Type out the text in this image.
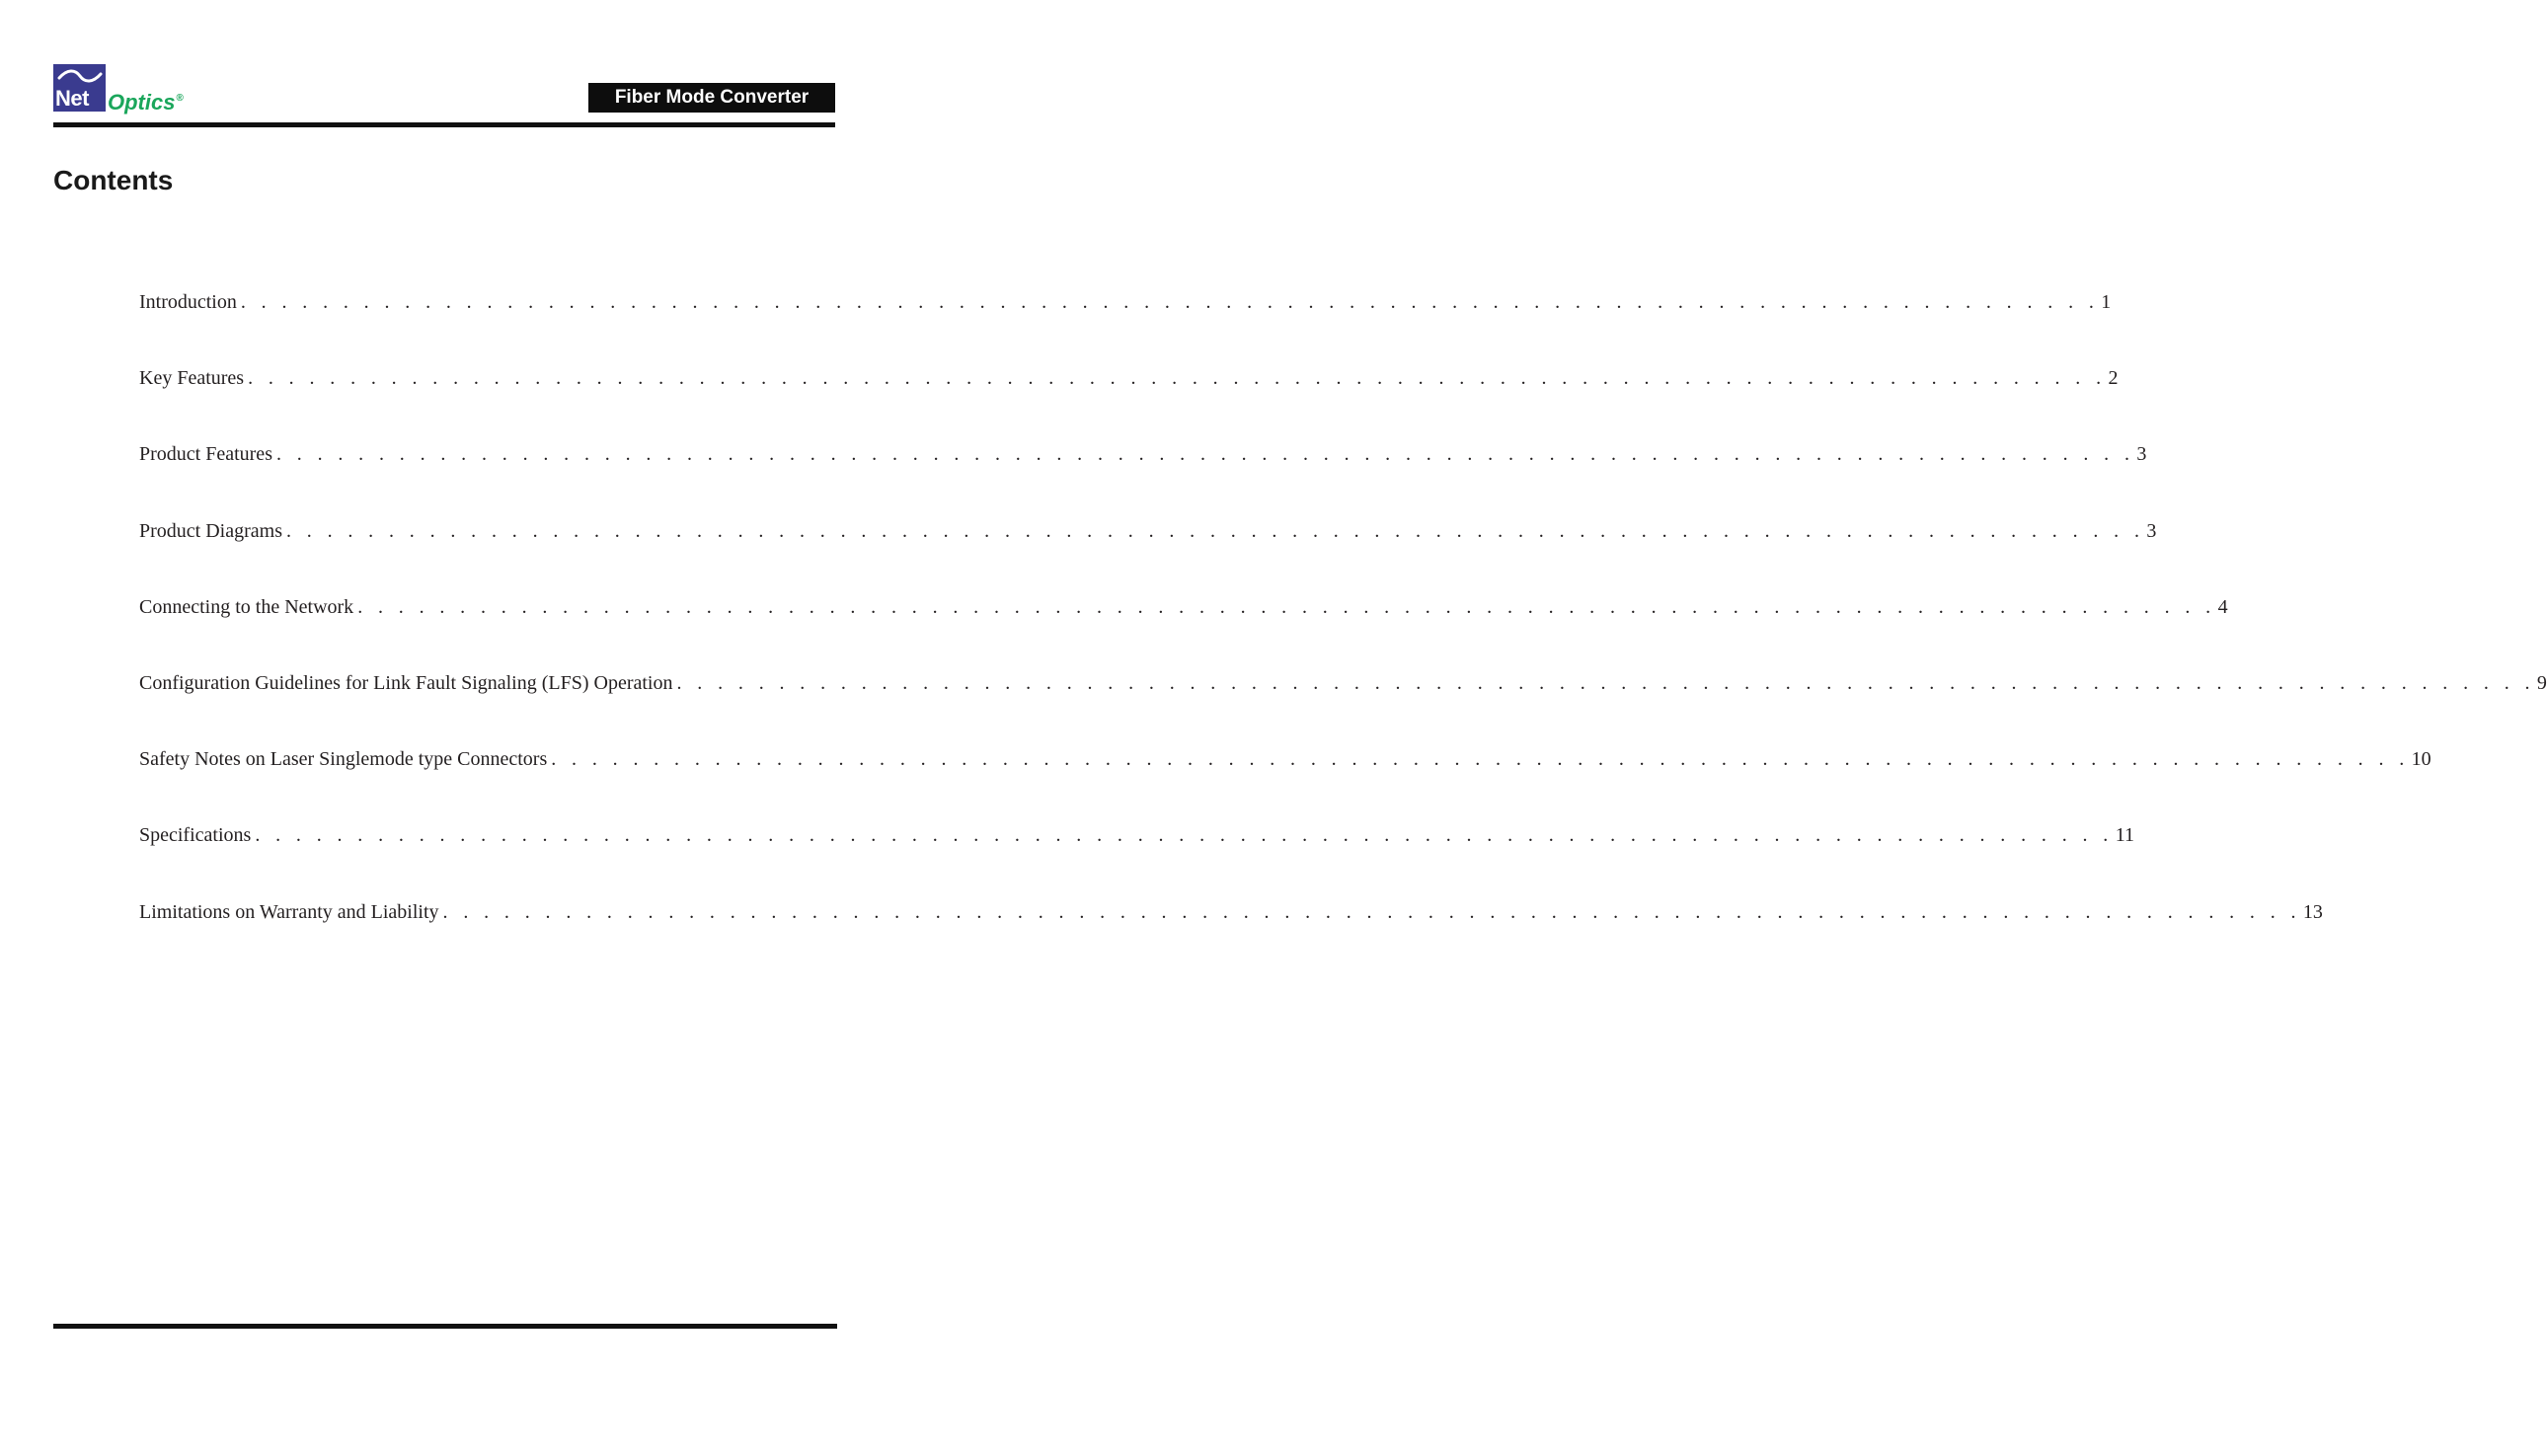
Net Optics®	Fiber Mode Converter
Contents
Introduction . . . . . . . . . . . . . . . . . . . . . . . . . . . . . . . . . . . . . . . . . . . . . . . . . . . . . . . . . . . . . . . . . . . . . . . . . . . . . . . . . . . . . . . . . . . 1
Key Features . . . . . . . . . . . . . . . . . . . . . . . . . . . . . . . . . . . . . . . . . . . . . . . . . . . . . . . . . . . . . . . . . . . . . . . . . . . . . . . . . . . . . . . . . . . 2
Product Features . . . . . . . . . . . . . . . . . . . . . . . . . . . . . . . . . . . . . . . . . . . . . . . . . . . . . . . . . . . . . . . . . . . . . . . . . . . . . . . . . . . . . . . . . . . 3
Product Diagrams . . . . . . . . . . . . . . . . . . . . . . . . . . . . . . . . . . . . . . . . . . . . . . . . . . . . . . . . . . . . . . . . . . . . . . . . . . . . . . . . . . . . . . . . . . . 3
Connecting to the Network . . . . . . . . . . . . . . . . . . . . . . . . . . . . . . . . . . . . . . . . . . . . . . . . . . . . . . . . . . . . . . . . . . . . . . . . . . . . . . . . . . . . . . . . . . . 4
Configuration Guidelines for Link Fault Signaling (LFS) Operation . . . . . . . . . . . . . . . . . . . . . . . . . . . . . . . . . . . . . . . . . . . . . . . . . . . . . . . . . . . . . . . . . . . . . . . . . . . . . . . . . . . . . . . . . . . 9
Safety Notes on Laser Singlemode type Connectors . . . . . . . . . . . . . . . . . . . . . . . . . . . . . . . . . . . . . . . . . . . . . . . . . . . . . . . . . . . . . . . . . . . . . . . . . . . . . . . . . . . . . . . . . . . 10
Specifications . . . . . . . . . . . . . . . . . . . . . . . . . . . . . . . . . . . . . . . . . . . . . . . . . . . . . . . . . . . . . . . . . . . . . . . . . . . . . . . . . . . . . . . . . . . 11
Limitations on Warranty and Liability . . . . . . . . . . . . . . . . . . . . . . . . . . . . . . . . . . . . . . . . . . . . . . . . . . . . . . . . . . . . . . . . . . . . . . . . . . . . . . . . . . . . . . . . . . . 13
